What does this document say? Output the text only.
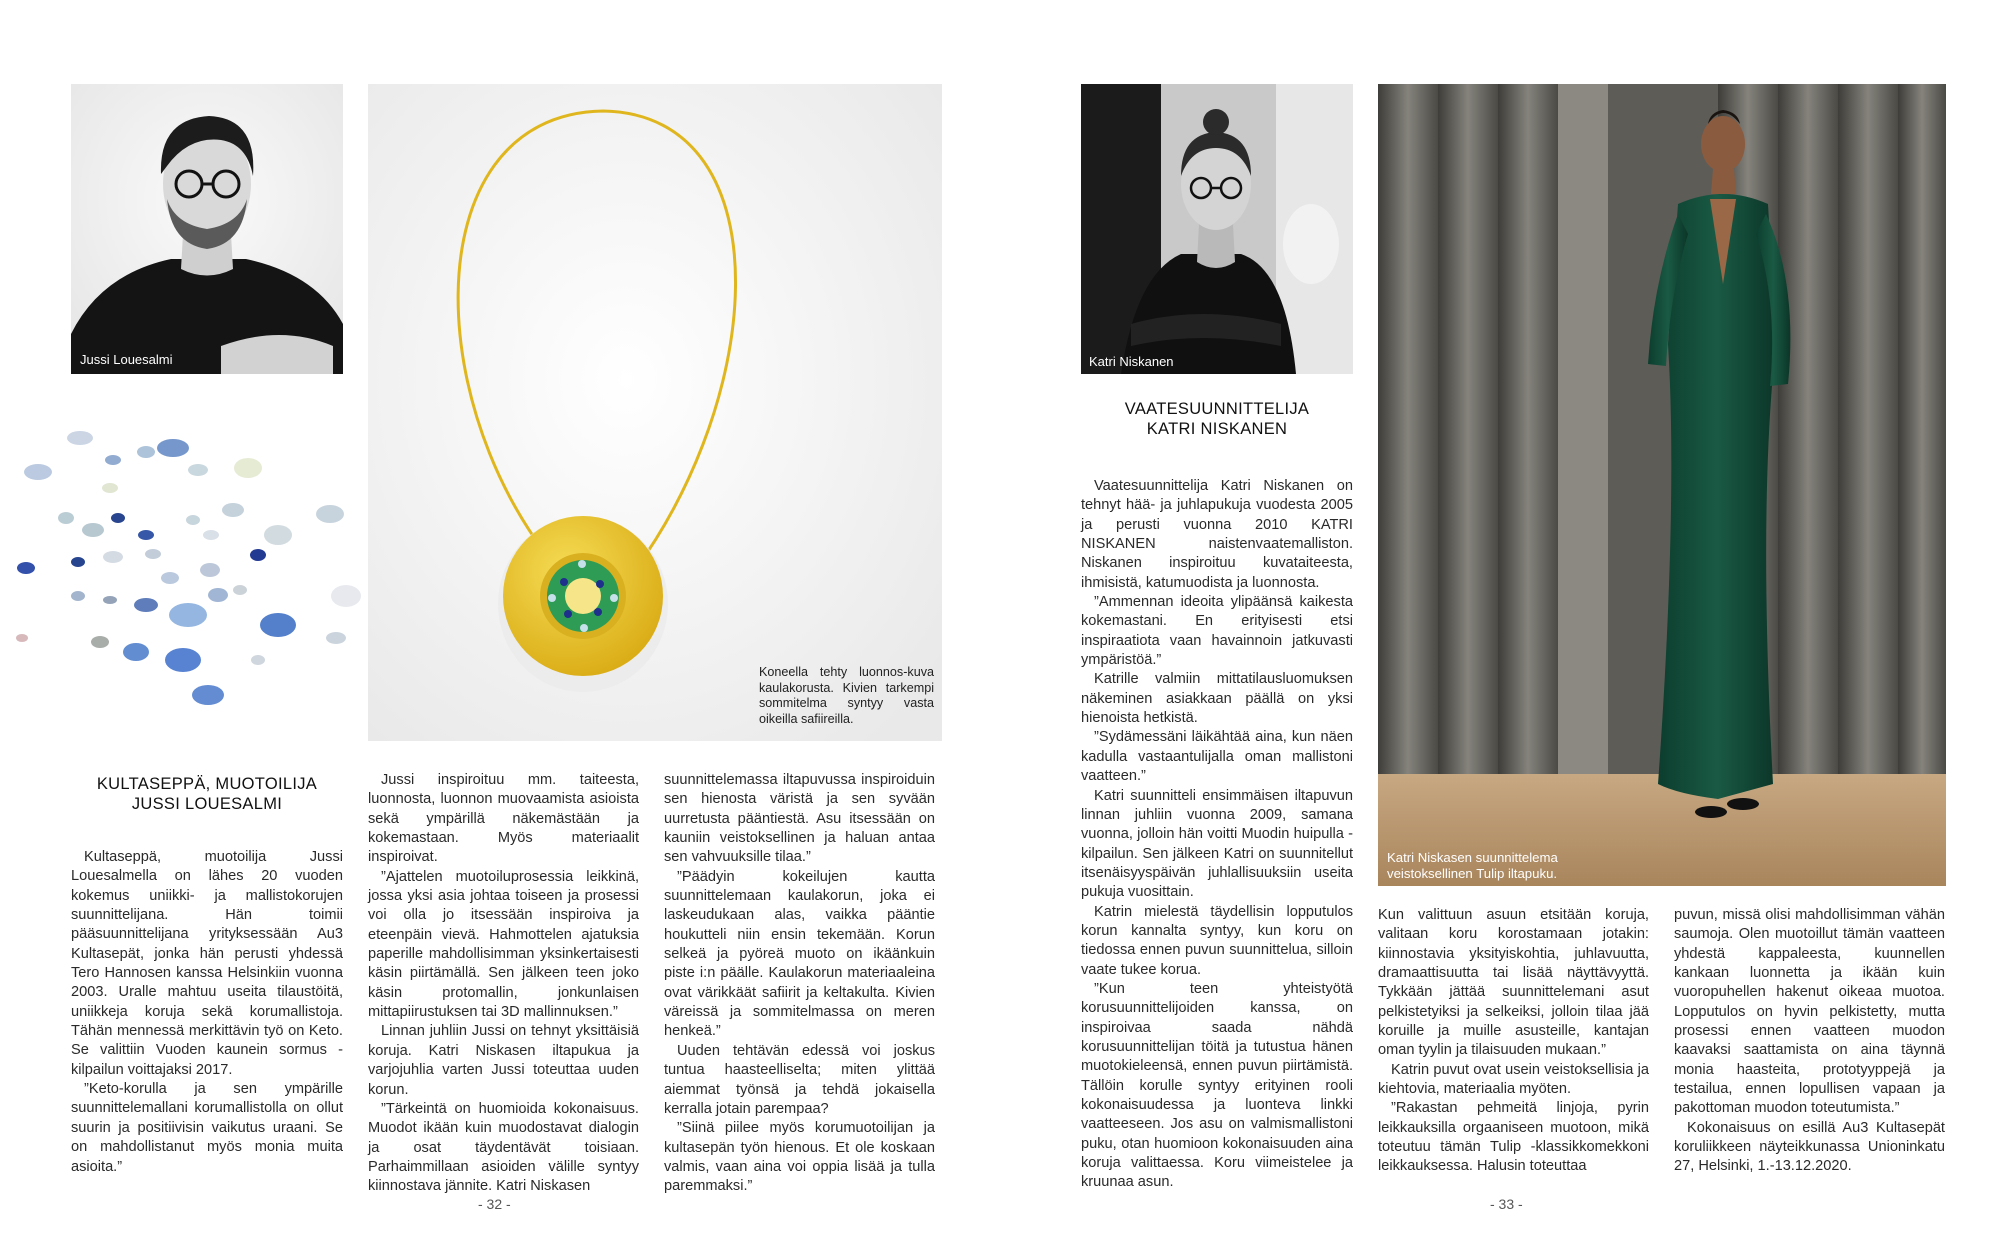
Jussi Louesalmi
Koneella tehty luonnos-kuva kaulakorusta. Kivien tarkempi sommitelma syntyy vasta oikeilla safiireilla.
KULTASEPPÄ, MUOTOILIJA
JUSSI LOUESALMI

Kultaseppä, muotoilija Jussi Louesalmella on lähes 20 vuoden kokemus uniikki- ja mallistokorujen suunnittelijana. Hän toimii pääsuunnittelijana yrityksessään Au3 Kultasepät, jonka hän perusti yhdessä Tero Hannosen kanssa Helsinkiin vuonna 2003. Uralle mahtuu useita tilaustöitä, uniikkeja koruja sekä korumallistoja. Tähän mennessä merkittävin työ on Keto. Se valittiin Vuoden kaunein sormus -kilpailun voittajaksi 2017.

”Keto-korulla ja sen ympärille suunnittelemallani korumallistolla on ollut suurin ja positiivisin vaikutus uraani. Se on mahdollistanut myös monia muita asioita.”

Jussi inspiroituu mm. taiteesta, luonnosta, luonnon muovaamista asioista sekä ympärillä näkemästään ja kokemastaan. Myös materiaalit inspiroivat.

”Ajattelen muotoiluprosessia leikkinä, jossa yksi asia johtaa toiseen ja prosessi voi olla jo itsessään inspiroiva ja eteenpäin vievä. Hahmottelen ajatuksia paperille mahdollisimman yksinkertaisesti käsin piirtämällä. Sen jälkeen teen joko käsin protomallin, jonkunlaisen mittapiirustuksen tai 3D mallinnuksen.”

Linnan juhliin Jussi on tehnyt yksittäisiä koruja. Katri Niskasen iltapukua ja varjojuhlia varten Jussi toteuttaa uuden korun.

”Tärkeintä on huomioida kokonaisuus. Muodot ikään kuin muodostavat dialogin ja osat täydentävät toisiaan. Parhaimmillaan asioiden välille syntyy kiinnostava jännite. Katri Niskasen

suunnittelemassa iltapuvussa inspiroiduin sen hienosta väristä ja sen syvään uurretusta pääntiestä. Asu itsessään on kauniin veistoksellinen ja haluan antaa sen vahvuuksille tilaa.”

”Päädyin kokeilujen kautta suunnittelemaan kaulakorun, joka ei laskeudukaan alas, vaikka pääntie houkutteli niin ensin tekemään. Korun selkeä ja pyöreä muoto on ikäänkuin piste i:n päälle. Kaulakorun materiaaleina ovat värikkäät safiirit ja keltakulta. Kivien väreissä ja sommitelmassa on meren henkeä.”

Uuden tehtävän edessä voi joskus tuntua haasteelliselta; miten ylittää aiemmat työnsä ja tehdä jokaisella kerralla jotain parempaa?

”Siinä piilee myös korumuotoilijan ja kultasepän työn hienous. Et ole koskaan valmis, vaan aina voi oppia lisää ja tulla paremmaksi.”

- 32 -
Katri Niskanen
Katri Niskasen suunnittelema
veistoksellinen Tulip iltapuku.
VAATESUUNNITTELIJA
KATRI NISKANEN

Vaatesuunnittelija Katri Niskanen on tehnyt hää- ja juhlapukuja vuodesta 2005 ja perusti vuonna 2010 KATRI NISKANEN naistenvaatemalliston. Niskanen inspiroituu kuvataiteesta, ihmisistä, katumuodista ja luonnosta.

”Ammennan ideoita ylipäänsä kaikesta kokemastani. En erityisesti etsi inspiraatiota vaan havainnoin jatkuvasti ympäristöä.”

Katrille valmiin mittatilausluomuksen näkeminen asiakkaan päällä on yksi hienoista hetkistä.

”Sydämessäni läikähtää aina, kun näen kadulla vastaantulijalla oman mallistoni vaatteen.”

Katri suunnitteli ensimmäisen iltapuvun linnan juhliin vuonna 2009, samana vuonna, jolloin hän voitti Muodin huipulla -kilpailun. Sen jälkeen Katri on suunnitellut itsenäisyyspäivän juhlallisuuksiin useita pukuja vuosittain.

Katrin mielestä täydellisin lopputulos korun kannalta syntyy, kun koru on tiedossa ennen puvun suunnittelua, silloin vaate tukee korua.

”Kun teen yhteistyötä korusuunnittelijoiden kanssa, on inspiroivaa saada nähdä korusuunnittelijan töitä ja tutustua hänen muotokieleensä, ennen puvun piirtämistä. Tällöin korulle syntyy erityinen rooli kokonaisuudessa ja luonteva linkki vaatteeseen. Jos asu on valmismallistoni puku, otan huomioon kokonaisuuden aina koruja valittaessa. Koru viimeistelee ja kruunaa asun.

Kun valittuun asuun etsitään koruja, valitaan koru korostamaan jotakin: kiinnostavia yksityiskohtia, juhlavuutta, dramaattisuutta tai lisää näyttävyyttä. Tykkään jättää suunnittelemani asut pelkistetyiksi ja selkeiksi, jolloin tilaa jää koruille ja muille asusteille, kantajan oman tyylin ja tilaisuuden mukaan.”

Katrin puvut ovat usein veistoksellisia ja kiehtovia, materiaalia myöten.

”Rakastan pehmeitä linjoja, pyrin leikkauksilla orgaaniseen muotoon, mikä toteutuu tämän Tulip -klassikkomekkoni leikkauksessa. Halusin toteuttaa

puvun, missä olisi mahdollisimman vähän saumoja. Olen muotoillut tämän vaatteen yhdestä kappaleesta, kuunnellen kankaan luonnetta ja ikään kuin vuoropuhellen hakenut oikeaa muotoa. Lopputulos on hyvin pelkistetty, mutta prosessi ennen vaatteen muodon kaavaksi saattamista on aina täynnä monia haasteita, prototyyppejä ja testailua, ennen lopullisen vapaan ja pakottoman muodon toteutumista.”

Kokonaisuus on esillä Au3 Kultasepät koruliikkeen näyteikkunassa Unioninkatu 27, Helsinki, 1.-13.12.2020.

- 33 -
